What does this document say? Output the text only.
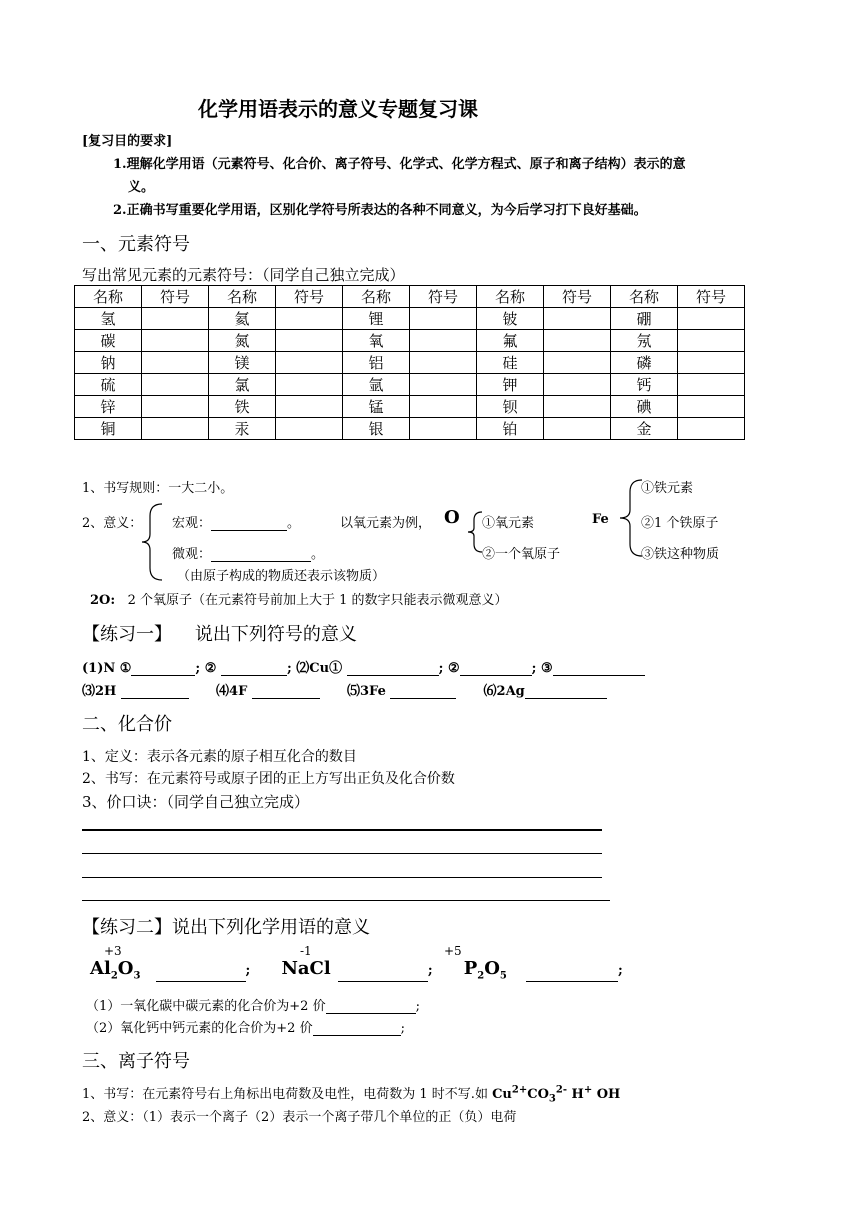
化学用语表示的意义专题复习课
[复习目的要求]
1.理解化学用语（元素符号、化合价、离子符号、化学式、化学方程式、原子和离子结构）表示的意
义。
2.正确书写重要化学用语，区别化学符号所表达的各种不同意义，为今后学习打下良好基础。
一、元素符号
写出常见元素的元素符号：（同学自己独立完成）
名称	符号	名称	符号	名称	符号	名称	符号	名称	符号
氢		氦		锂		铍		硼	
碳		氮		氧		氟		氖	
钠		镁		铝		硅		磷	
硫		氯		氩		钾		钙	
锌		铁		锰		钡		碘	
铜		汞		银		铂		金	
1、书写规则：一大二小。
2、意义： 宏观：	。
微观：	。
（由原子构成的物质还表示该物质）
以氧元素为例， O ①氧元素
②一个氧原子
Fe
①铁元素
②1 个铁原子
③铁这种物质
2O: 2 个氧原子（在元素符号前加上大于 1 的数字只能表示微观意义）
【练习一】 说出下列符号的意义
(1)N ①	; ②	; ⑵Cu①	; ②	; ③
⑶2H	⑷4F	⑸3Fe	⑹2Ag
二、化合价
1、定义：表示各元素的原子相互化合的数目
2、书写：在元素符号或原子团的正上方写出正负及化合价数
3、价口诀：（同学自己独立完成）
【练习二】说出下列化学用语的意义
+3	-1	+5
$Al_2O_3$	; NaCl	; $P_2O_5$	;
（1）一氧化碳中碳元素的化合价为+2 价	;
（2）氧化钙中钙元素的化合价为+2 价	;
三、离子符号
1、书写：在元素符号右上角标出电荷数及电性，电荷数为 1 时不写.如 $Cu^{2+}CO_3^{2-}$ H+ OH
2、意义：（1）表示一个离子（2）表示一个离子带几个单位的正（负）电荷
